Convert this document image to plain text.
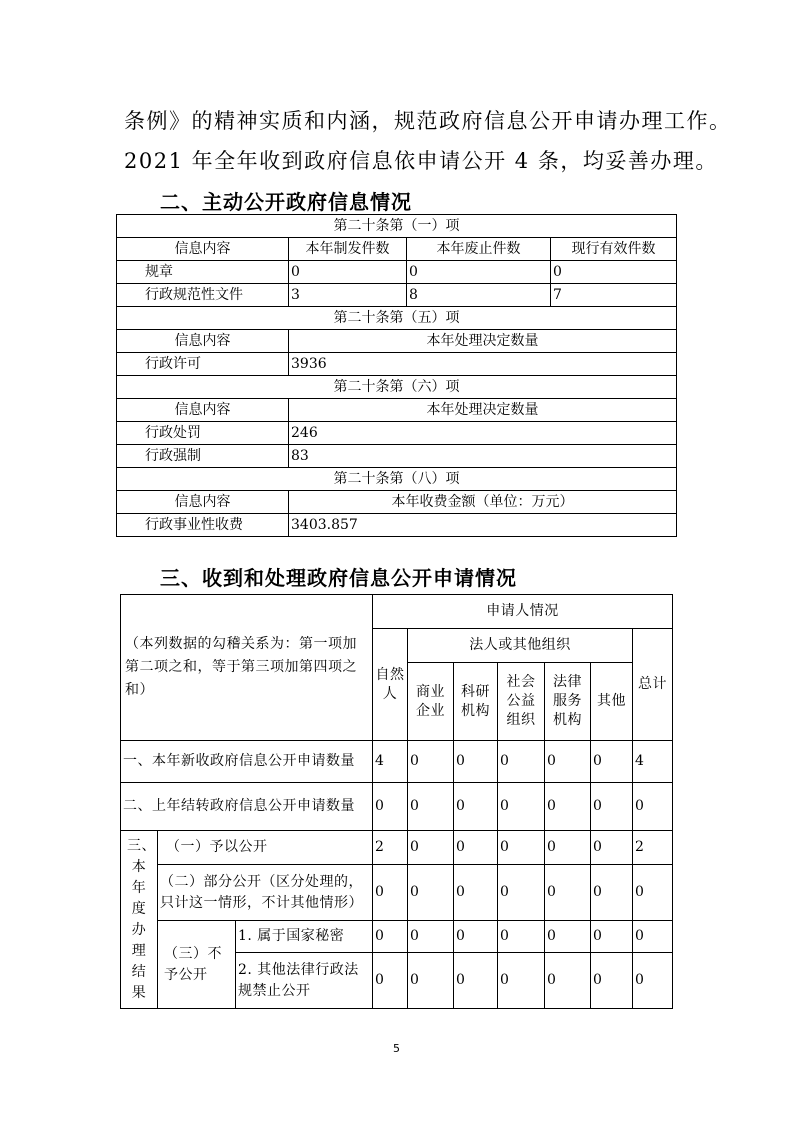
条例》的精神实质和内涵，规范政府信息公开申请办理工作。
2021 年全年收到政府信息依申请公开 4 条，均妥善办理。
二、主动公开政府信息情况
第二十条第（一）项			
信息内容	本年制发件数	本年废止件数	现行有效件数
规章	0	0	0
行政规范性文件	3	8	7
第二十条第（五）项			
信息内容	本年处理决定数量		
行政许可	3936		
第二十条第（六）项			
信息内容	本年处理决定数量		
行政处罚	246		
行政强制	83		
第二十条第（八）项			
信息内容	本年收费金额（单位：万元）		
行政事业性收费	3403.857		
三、收到和处理政府信息公开申请情况
（本列数据的勾稽关系为：第一项加第二项之和，等于第三项加第四项之和）			申请人情况						
			自然人	法人或其他组织					总计
				商业企业	科研机构	社会公益组织	法律服务机构	其他	
一、本年新收政府信息公开申请数量			4	0	0	0	0	0	4
二、上年结转政府信息公开申请数量			0	0	0	0	0	0	0
三、本年度办理结果	（一）予以公开		2	0	0	0	0	0	2
	（二）部分公开（区分处理的，只计这一情形，不计其他情形）		0	0	0	0	0	0	0
	（三）不予公开	1. 属于国家秘密	0	0	0	0	0	0	0
		2. 其他法律行政法规禁止公开	0	0	0	0	0	0	0
5
